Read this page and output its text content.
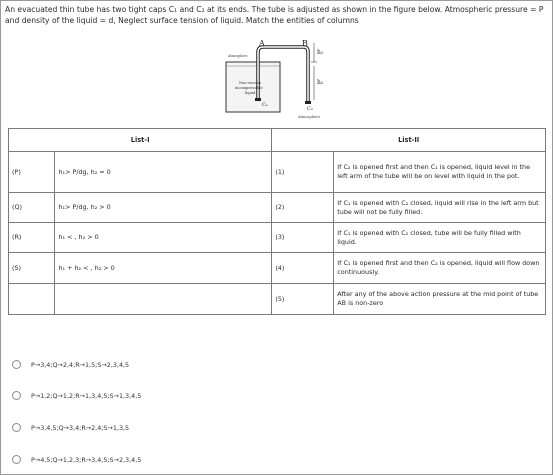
An evacuated thin tube has two tight caps C₁ and C₂ at its ends. The tube is adjusted as shown in the figure below. Atmospheric pressure = P and density of the liquid = d, Neglect surface tension of liquid. Match the entities of columns
A	B
h₁
h₂
C₁
C₂
Atmosphere
Atmosphere
Non-viscous
incompressible
liquid
List-I		List-II	
(P)	h₁> P/dg, h₂ = 0	(1)	If C₂ is opened first and then C₁ is opened, liquid level in the left arm of the tube will be on level with liquid in the pot.
(Q)	h₁> P/dg, h₂ > 0	(2)	If C₁ is opened with C₂ closed, liquid will rise in the left arm but tube will not be fully filled.
(R)	h₁ < , h₂ > 0	(3)	If C₁ is opened with C₂ closed, tube will be fully filled with liquid.
(S)	h₁ + h₂ < , h₂ > 0	(4)	If C₁ is opened first and then C₂ is opened, liquid will flow down continuously.
		(5)	After any of the above action pressure at the mid point of tube AB is non-zero
P→3,4;Q→2,4;R→1,5;S→2,3,4,5
P→1,2;Q→1,2;R→1,3,4,5;S→1,3,4,5
P→3,4,5;Q→3,4;R→2,4;S→1,3,5
P→4,5;Q→1,2,3;R→3,4,5;S→2,3,4,5
